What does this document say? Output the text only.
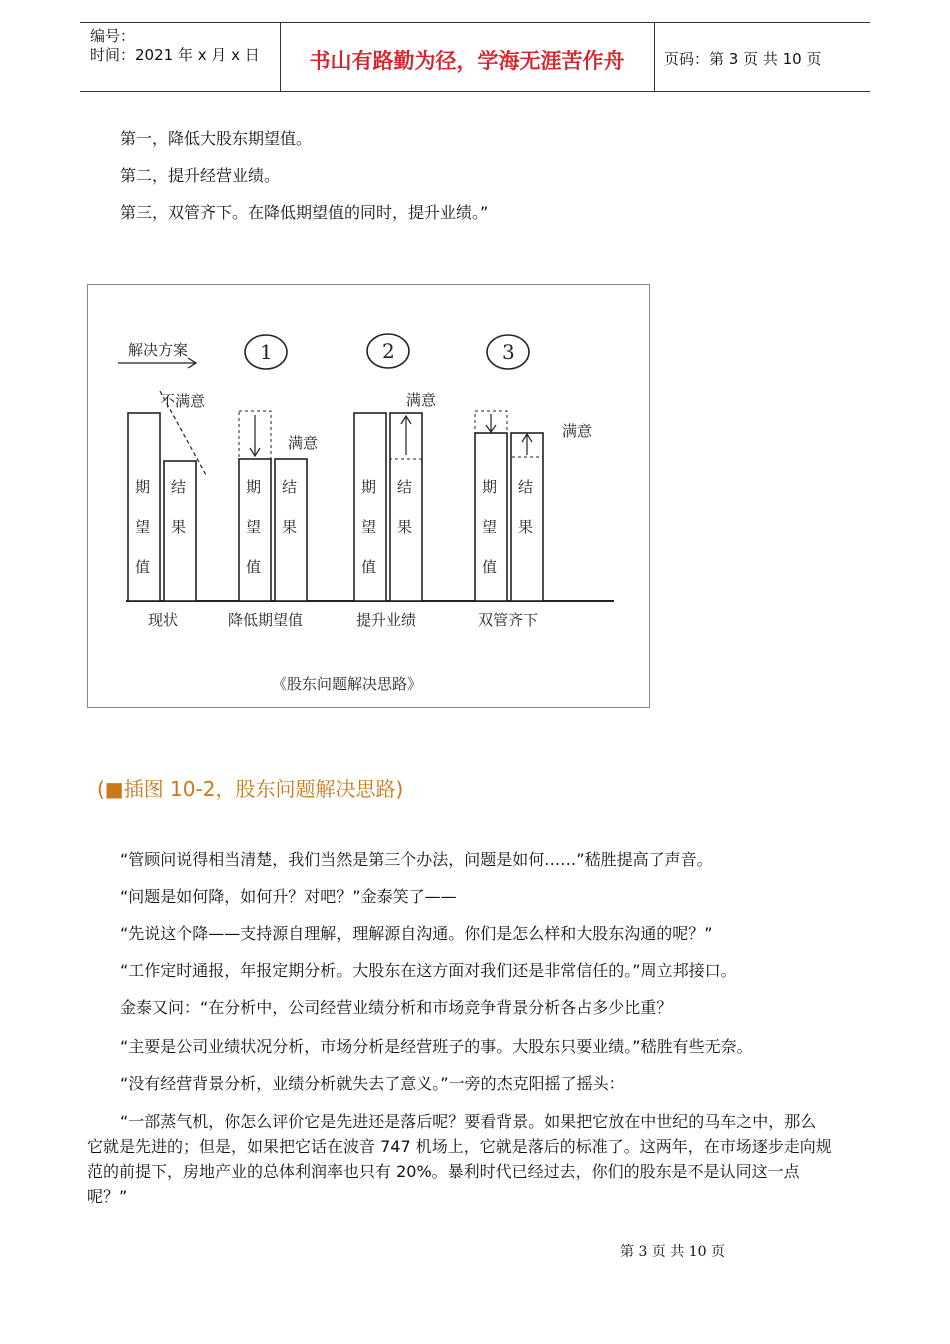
编号：
时间：2021 年 x 月 x 日	书山有路勤为径，学海无涯苦作舟	页码：第 3 页 共 10 页
第一，降低大股东期望值。
第二，提升经营业绩。
第三，双管齐下。在降低期望值的同时，提升业绩。”
解决方案	1	2	3
不满意
期
望
值
结
果
满意
期
望
值
结
果
满意
期
望
值
结
果
满意
期
望
值
结
果
现状	降低期望值	提升业绩	双管齐下
《股东问题解决思路》
(■插图 10-2，股东问题解决思路)
“管顾问说得相当清楚，我们当然是第三个办法，问题是如何……”嵇胜提高了声音。
“问题是如何降，如何升？对吧？”金泰笑了——
“先说这个降——支持源自理解，理解源自沟通。你们是怎么样和大股东沟通的呢？”
“工作定时通报，年报定期分析。大股东在这方面对我们还是非常信任的。”周立邦接口。
金泰又问：“在分析中，公司经营业绩分析和市场竞争背景分析各占多少比重？
“主要是公司业绩状况分析，市场分析是经营班子的事。大股东只要业绩。”嵇胜有些无奈。
“没有经营背景分析，业绩分析就失去了意义。”一旁的杰克阳摇了摇头：
“一部蒸气机，你怎么评价它是先进还是落后呢？要看背景。如果把它放在中世纪的马车之中，那么
它就是先进的；但是，如果把它话在波音 747 机场上，它就是落后的标准了。这两年，在市场逐步走向规
范的前提下，房地产业的总体利润率也只有 20%。暴利时代已经过去，你们的股东是不是认同这一点
呢？”
第 3 页 共 10 页
